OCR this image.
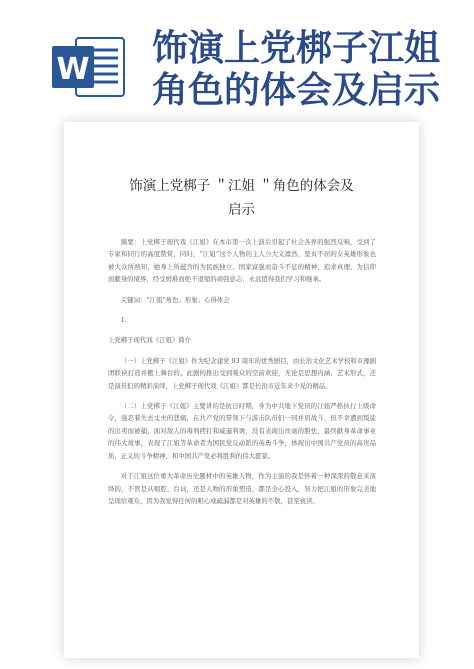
W
饰演上党梆子江姐
角色的体会及启示
饰演上党梆子 ＂江姐 ＂角色的体会及
启示

摘要：上党梆子现代戏《江姐》在本市第一次上演后引起了社会各界的强烈反响，受到了专家和同行的高度赞赏，同时，“江姐”这个人物的主人公大义凛然、坚贞不屈的女英雄形象也被大众所熟知，她身上所蕴含的为民族独立、国家富强而奋斗不息的精神，追求真理、为信仰而献身的境界，经受磨难而绝不退缩的顽强意志，永远值得我们学习和继承。

关键词：“江姐”角色；形象；心得体会

1.

上党梆子现代戏《江姐》简介

（一）上党梆子《江姐》作为纪念建党 93 周年的优秀剧目，由长治文化艺术学校和市豫剧团联袂打造并搬上舞台的。此剧的推出受到观众的空前欢迎，无论是思想内涵、艺术形式，还是演员们的精彩演绎，上党梆子现代戏《江姐》都是长治市近年来少见的精品。

（二）上党梆子《江姐》主要讲的是抗日时期，身为中共地下党员的江姐严格执行上级命令，强忍着失去丈夫的悲痛，在共产党的带领下与游击队员们一同并肩战斗，但不幸遭到叛徒的出卖而被捕，面对敌人的毒刑拷打和威逼利诱，没有表现出丝毫的胆怯，最终献身革命事业的伟大故事，表现了江姐等革命者为国民党反动派的英勇斗争，体现出中国共产党员的高贵品质，正义的斗争精神，和中国共产党必将胜利的伟大愿景。

对于江姐这位重大革命历史题材中的英雄人物，作为主演的我是怀着一种深深的敬意来演绎的，不管是从唱腔、台词，还是人物的形象塑造，都是全心投入，努力把江姐的形象完美地呈现给观众，因为我觉得任何的粗心或疏漏都是对英雄的不敬，甚至亵渎。
